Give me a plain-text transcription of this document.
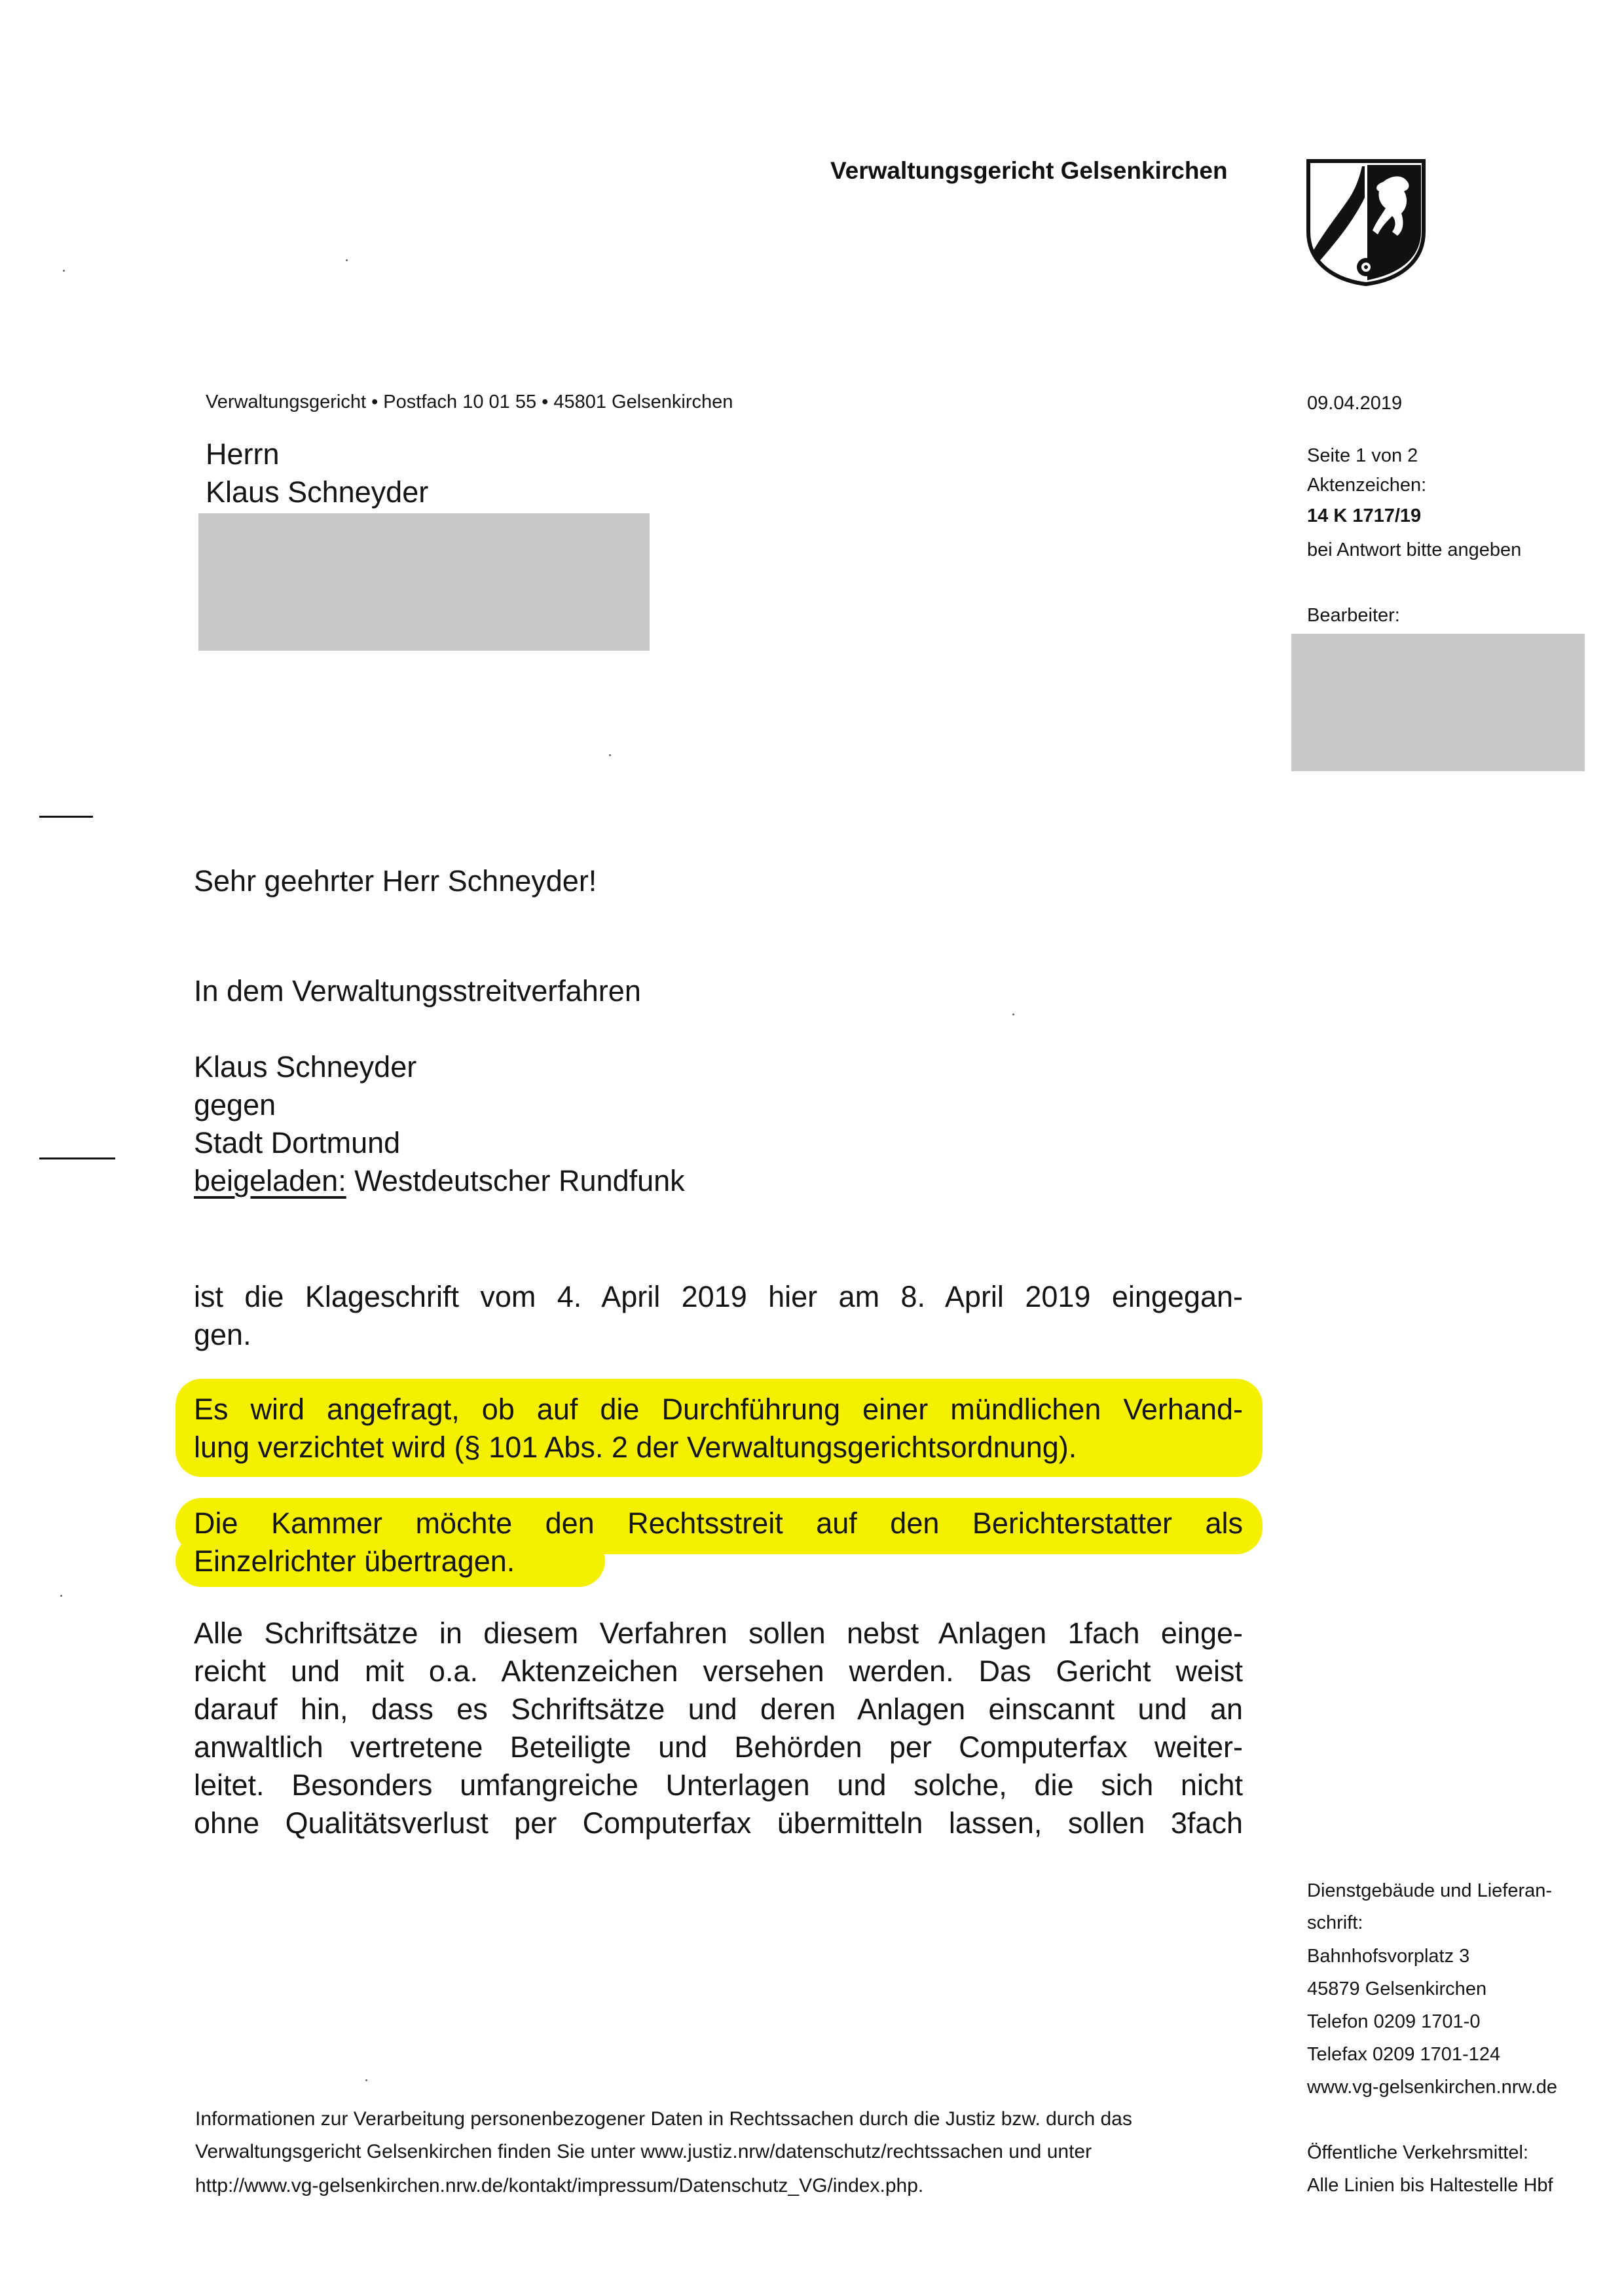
Verwaltungsgericht Gelsenkirchen
Verwaltungsgericht • Postfach 10 01 55 • 45801 Gelsenkirchen
Herrn
Klaus Schneyder
09.04.2019
Seite 1 von 2
Aktenzeichen:
14 K 1717/19
bei Antwort bitte angeben
Bearbeiter:
Sehr geehrter Herr Schneyder!
In dem Verwaltungsstreitverfahren
Klaus Schneyder
gegen
Stadt Dortmund
beigeladen: Westdeutscher Rundfunk
ist die Klageschrift vom 4. April 2019 hier am 8. April 2019 eingegan-
gen.
Es wird angefragt, ob auf die Durchführung einer mündlichen Verhand-
lung verzichtet wird (§ 101 Abs. 2 der Verwaltungsgerichtsordnung).
Die Kammer möchte den Rechtsstreit auf den Berichterstatter als
Einzelrichter übertragen.
Alle Schriftsätze in diesem Verfahren sollen nebst Anlagen 1fach einge-
reicht und mit o.a. Aktenzeichen versehen werden. Das Gericht weist
darauf hin, dass es Schriftsätze und deren Anlagen einscannt und an
anwaltlich vertretene Beteiligte und Behörden per Computerfax weiter-
leitet. Besonders umfangreiche Unterlagen und solche, die sich nicht
ohne Qualitätsverlust per Computerfax übermitteln lassen, sollen 3fach
Dienstgebäude und Lieferan-
schrift:
Bahnhofsvorplatz 3
45879 Gelsenkirchen
Telefon 0209 1701-0
Telefax 0209 1701-124
www.vg-gelsenkirchen.nrw.de
Öffentliche Verkehrsmittel:
Alle Linien bis Haltestelle Hbf
Informationen zur Verarbeitung personenbezogener Daten in Rechtssachen durch die Justiz bzw. durch das
Verwaltungsgericht Gelsenkirchen finden Sie unter www.justiz.nrw/datenschutz/rechtssachen und unter
http://www.vg-gelsenkirchen.nrw.de/kontakt/impressum/Datenschutz_VG/index.php.
